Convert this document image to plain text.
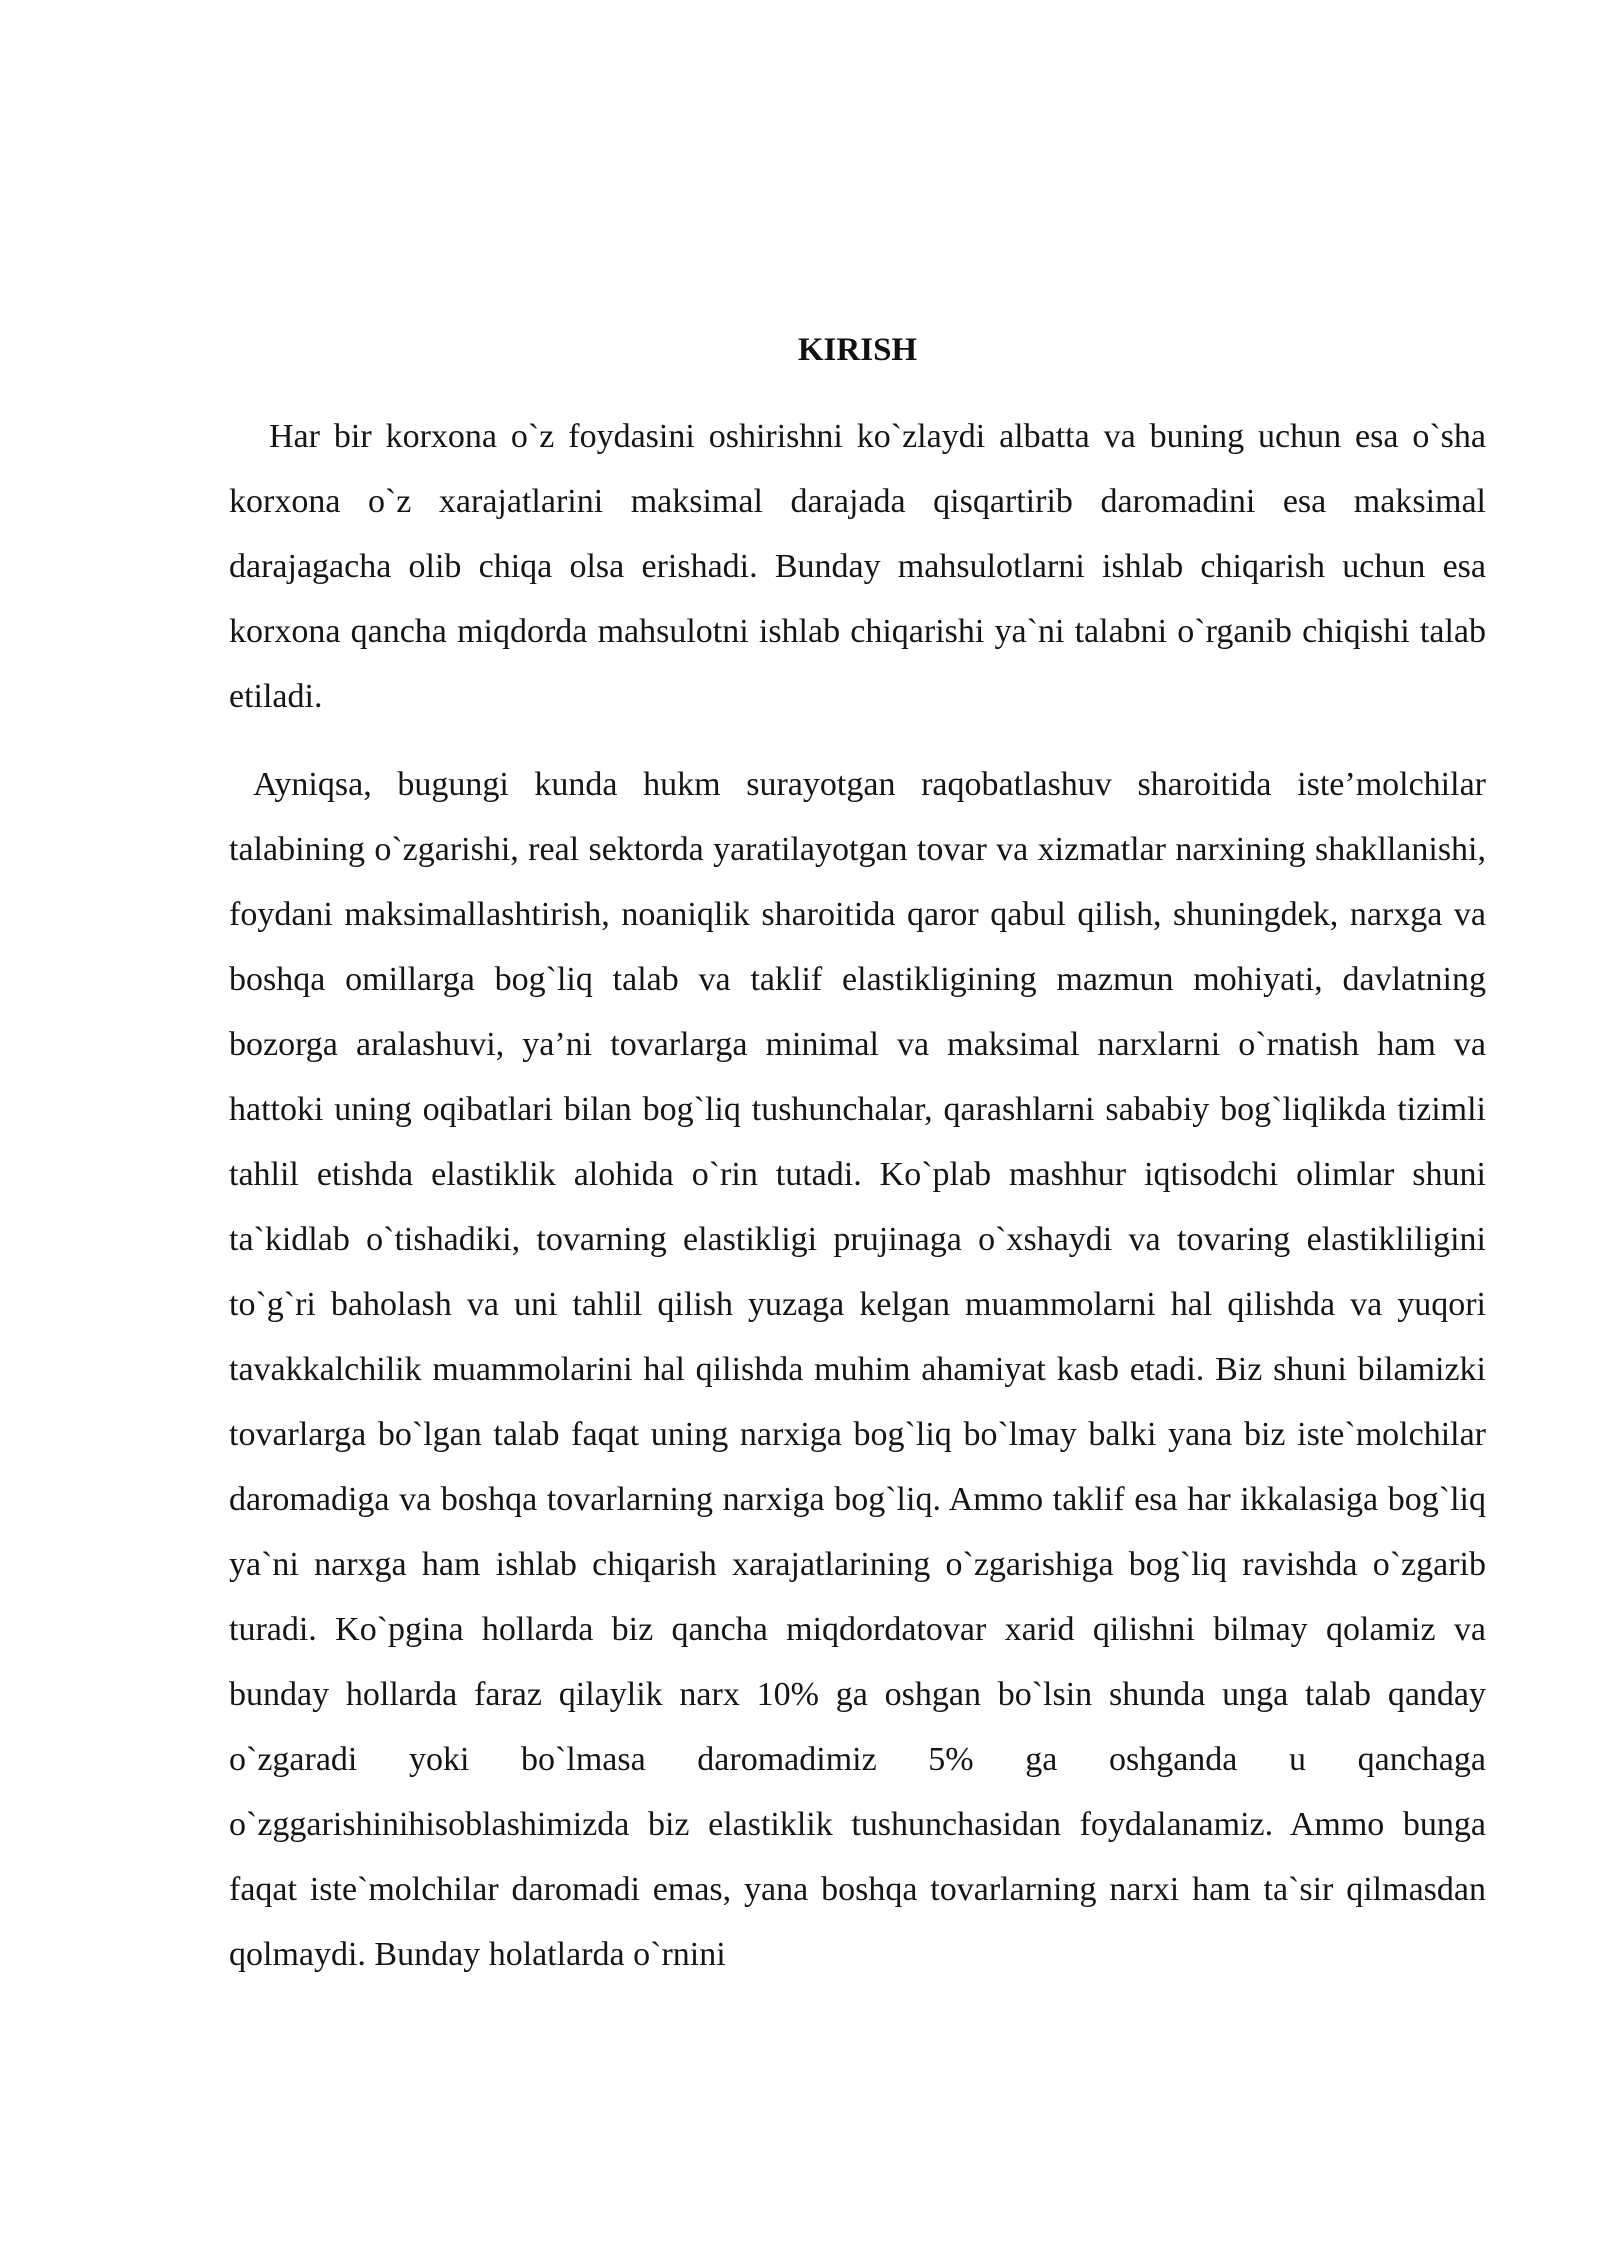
KIRISH

Har bir korxona o`z foydasini oshirishni ko`zlaydi albatta va buning uchun esa o`sha korxona o`z xarajatlarini maksimal darajada qisqartirib daromadini esa maksimal darajagacha olib chiqa olsa erishadi. Bunday mahsulotlarni ishlab chiqarish uchun esa korxona qancha miqdorda mahsulotni ishlab chiqarishi ya`ni talabni o`rganib chiqishi talab etiladi.

Ayniqsa, bugungi kunda hukm surayotgan raqobatlashuv sharoitida iste’molchilar talabining o`zgarishi, real sektorda yaratilayotgan tovar va xizmatlar narxining shakllanishi, foydani maksimallashtirish, noaniqlik sharoitida qaror qabul qilish, shuningdek, narxga va boshqa omillarga bog`liq talab va taklif elastikligining mazmun mohiyati, davlatning bozorga aralashuvi, ya’ni tovarlarga minimal va maksimal narxlarni o`rnatish ham va hattoki uning oqibatlari bilan bog`liq tushunchalar, qarashlarni sababiy bog`liqlikda tizimli tahlil etishda elastiklik alohida o`rin tutadi. Ko`plab mashhur iqtisodchi olimlar shuni ta`kidlab o`tishadiki, tovarning elastikligi prujinaga o`xshaydi va tovaring elastikliligini to`g`ri baholash va uni tahlil qilish yuzaga kelgan muammolarni hal qilishda va yuqori tavakkalchilik muammolarini hal qilishda muhim ahamiyat kasb etadi. Biz shuni bilamizki tovarlarga bo`lgan talab faqat uning narxiga bog`liq bo`lmay balki yana biz iste`molchilar daromadiga va boshqa tovarlarning narxiga bog`liq. Ammo taklif esa har ikkalasiga bog`liq ya`ni narxga ham ishlab chiqarish xarajatlarining o`zgarishiga bog`liq ravishda o`zgarib turadi. Ko`pgina hollarda biz qancha miqdordatovar xarid qilishni bilmay qolamiz va bunday hollarda faraz qilaylik narx 10% ga oshgan bo`lsin shunda unga talab qanday o`zgaradi yoki bo`lmasa daromadimiz 5% ga oshganda u qanchaga o`zggarishinihisoblashimizda biz elastiklik tushunchasidan foydalanamiz. Ammo bunga faqat iste`molchilar daromadi emas, yana boshqa tovarlarning narxi ham ta`sir qilmasdan qolmaydi. Bunday holatlarda o`rnini
